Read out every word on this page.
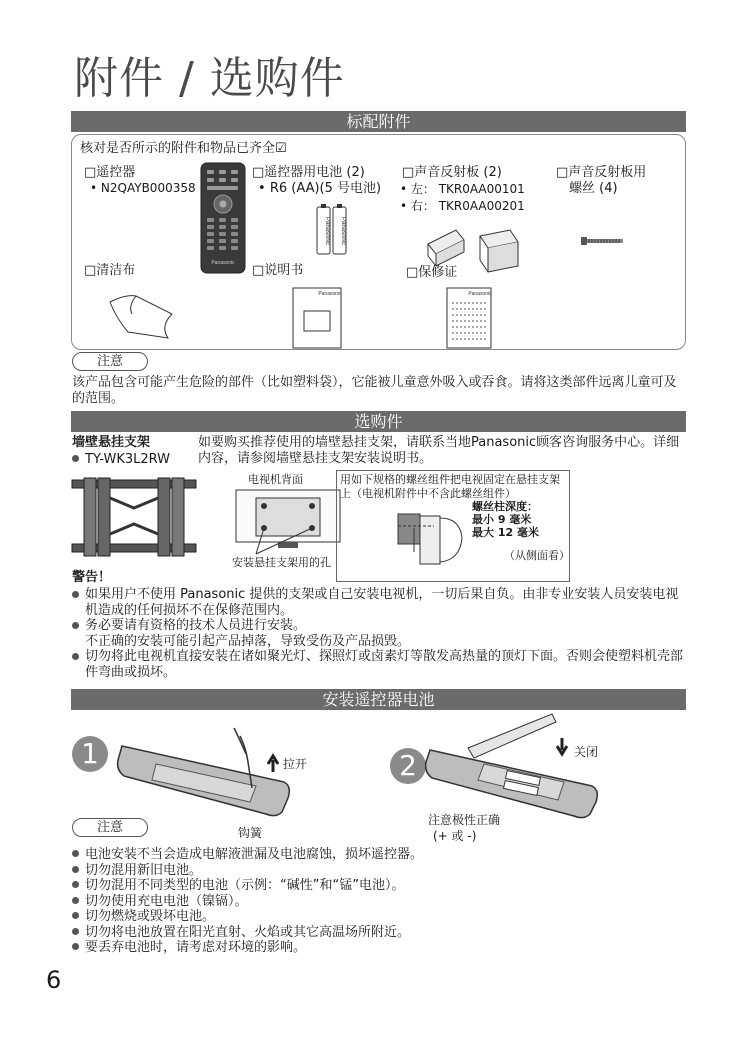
附件 / 选购件
标配附件
核对是否所示的附件和物品已齐全☑
□遥控器
• N2QAYB000358
Panasonic
□遥控器用电池 (2)
• R6 (AA)(5 号电池)
Panasonic Panasonic
□声音反射板 (2)
• 左： TKR0AA00101
• 右： TKR0AA00201
□声音反射板用
螺丝 (4)
□清洁布	□说明书
Panasonic
□保修证
Panasonic
注意
该产品包含可能产生危险的部件（比如塑料袋），它能被儿童意外吸入或吞食。请将这类部件远离儿童可及的范围。
选购件
墙壁悬挂支架
TY-WK3L2RW
如要购买推荐使用的墙壁悬挂支架，请联系当地Panasonic顾客咨询服务中心。详细内容，请参阅墙壁悬挂支架安装说明书。
电视机背面
安装悬挂支架用的孔
用如下规格的螺丝组件把电视固定在悬挂支架上（电视机附件中不含此螺丝组件）
螺丝柱深度：
最小 9 毫米
最大 12 毫米
（从侧面看）
警告！
如果用户不使用 Panasonic 提供的支架或自己安装电视机，一切后果自负。由非专业安装人员安装电视机造成的任何损坏不在保修范围内。
务必要请有资格的技术人员进行安装。
不正确的安装可能引起产品掉落，导致受伤及产品损毁。
切勿将此电视机直接安装在诸如聚光灯、探照灯或卤素灯等散发高热量的顶灯下面。否则会使塑料机壳部件弯曲或损坏。
安装遥控器电池
1	拉开
钩簧
2	关闭
注意极性正确
(+ 或 -)
注意
电池安装不当会造成电解液泄漏及电池腐蚀，损坏遥控器。
切勿混用新旧电池。
切勿混用不同类型的电池（示例：“碱性”和“锰”电池）。
切勿使用充电电池（镍镉）。
切勿燃烧或毁坏电池。
切勿将电池放置在阳光直射、火焰或其它高温场所附近。
要丢弃电池时，请考虑对环境的影响。
6
